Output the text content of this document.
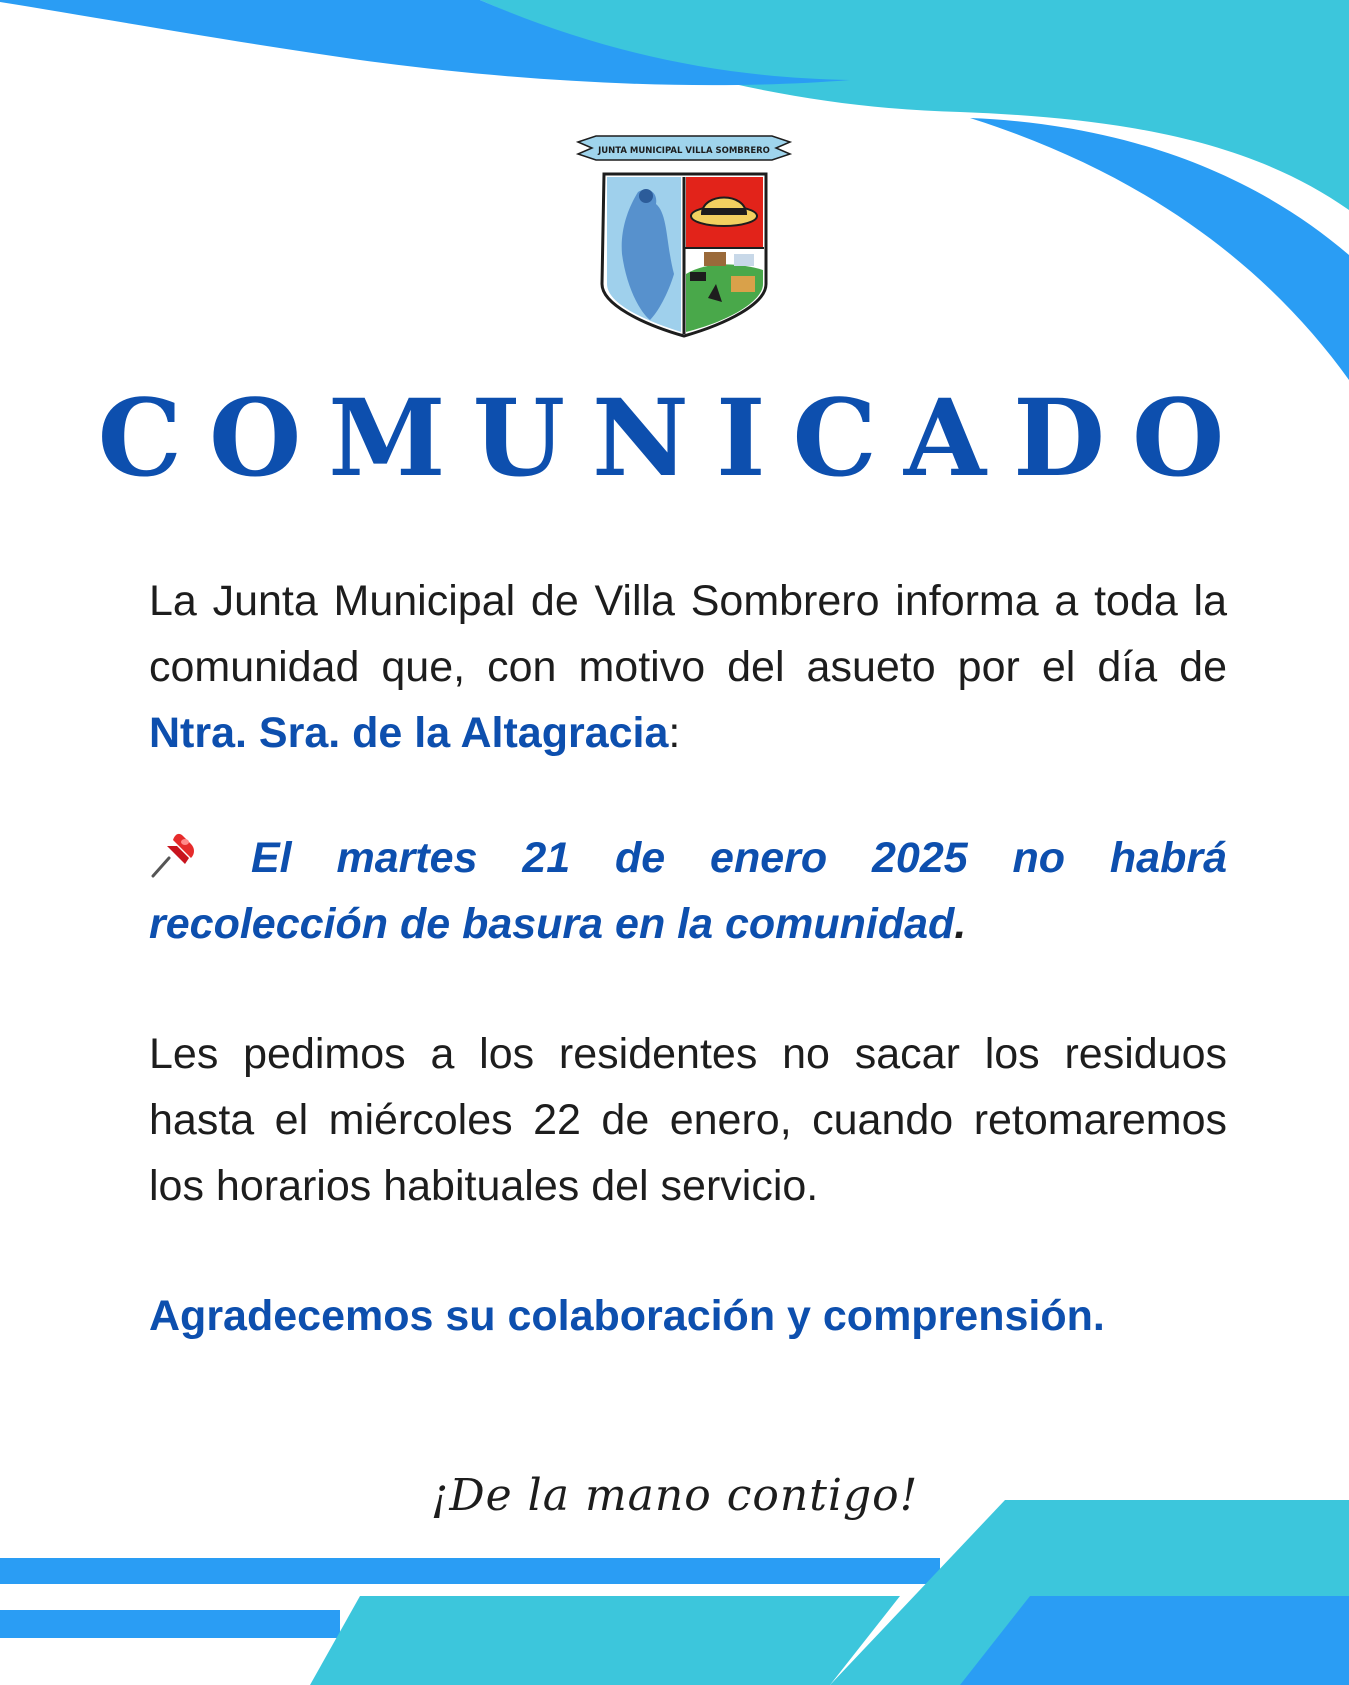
JUNTA MUNICIPAL VILLA SOMBRERO
COMUNICADO
La Junta Municipal de Villa Sombrero informa a toda la comunidad que, con motivo del asueto por el día de Ntra. Sra. de la Altagracia:
El martes 21 de enero 2025 no habrá recolección de basura en la comunidad.
Les pedimos a los residentes no sacar los residuos hasta el miércoles 22 de enero, cuando retomaremos los horarios habituales del servicio.
Agradecemos su colaboración y comprensión.
¡De la mano contigo!
